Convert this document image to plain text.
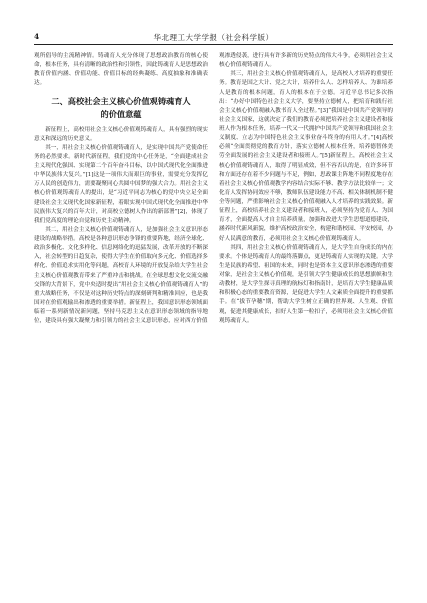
4	华北理工大学学报（社会科学版）

观所倡导的主流精神情。铸魂育人充分体现了思想政治教育的核心使命，根本任务，具有清晰的政治性和引领性，因此铸魂育人是思想政治教育价值内涵、价值功能、价值目标的经典凝练、高度抽象和准确表达。

二、高校社会主义核心价值观铸魂育人
的价值意蕴

新征程上，高校用社会主义核心价值观铸魂育人，具有强烈的现实意义和深远的历史意义。

其一，用社会主义核心价值观铸魂育人，是实现中国共产党使命任务的必然要求。新时代新征程，我们党的中心任务是，“全面建成社会主义现代化强国、实现第二个百年奋斗目标，以中国式现代化全面推进中华民族伟大复兴。”[1]这是一项伟大而艰巨的事业，需要充分发挥亿万人民的创造伟力，需要凝聚同心共圆中国梦的强大合力。用社会主义核心价值观铸魂育人的提出，是“习近平同志为核心的党中央立足全面建设社会主义现代化国家新征程，着眼实现中国式现代化全面推进中华民族伟大复兴的百年大计，对高校立德树人作出的新部署”[2]，体现了我们党高度的理论自觉和历史主动精神。

其二，用社会主义核心价值观铸魂育人，是加强社会主义意识形态建设的战略举措。高校是各种意识形态争锋的重要阵地，经济全球化、政治多极化、文化多样化、信息网络化的迅猛发展，改革开放的不断深入，社会转型的日趋复杂，使得大学生在价值取向多元化、价值选择多样化、价值追求实用化等问题，高校育人环境的开放复杂给大学生社会主义核心价值观教育带来了严重冲击和挑战。在全球思想文化交流交融交锋的大背景下，党中央适时提出“用社会主义核心价值观铸魂育人”的重大战略任务，不仅是对这种历史特点的深刻研判和精准回应，也是我国对在价值观输出和渗透的重要举措。新征程上，我国意识形态领域面临着一系列新情况新问题，坚持马克思主义在意识形态领域的指导地位，建设具有强大凝聚力和引领力的社会主义意识形态，应对西方价值

观渗透侵袭，进行具有许多新的历史特点的伟大斗争，必须用社会主义核心价值观铸魂育人。

其三，用社会主义核心价值观铸魂育人，是高校人才培养的重要任务。教育是国之大计、党之大计，培养什么人、怎样培养人、为谁培养人是教育的根本问题，育人的根本在于立德。习近平总书记多次指出：“办好中国特色社会主义大学，要坚持立德树人，把培育和践行社会主义核心价值观融入教书育人全过程。”[3]“我国是中国共产党领导的社会主义国家，这就决定了我们的教育必须把培养社会主义建设者和接班人作为根本任务，培养一代又一代拥护中国共产党领导和我国社会主义制度、立志为中国特色社会主义事业奋斗终身的有用人才。”[4]高校必须“全面贯彻党的教育方针，落实立德树人根本任务，培养德智体美劳全面发展的社会主义建设者和接班人。”[5]新征程上，高校社会主义核心价值观铸魂育人，取得了明显成效，但不容否认的是，在许多环节和方面还存在着不少问题与不足，例如，思政课主阵地不同程度地存在着社会主义核心价值观教学内容结合实际不够、教学方法比较单一；文化育人发挥协同效应不够，教师队伍建设能力不高、相关体制机制不健全等问题，严重影响社会主义核心价值观融入人才培养的实践效果。新征程上，高校培养社会主义建设者和接班人，必须坚持为党育人、为国育才，全面提高人才自主培养质量，加强和改进大学生思想道德建设，涵养时代新风新貌，维护高校政治安全，构建和谐校园、平安校园，办好人民满意的教育，必须用社会主义核心价值观铸魂育人。

其四，用社会主义核心价值观铸魂育人，是大学生自身成长的内在要求。个体是铸魂育人的最终落脚点，更是铸魂育人实现的关键。大学生是民族的希望、祖国的未来，同时也是资本主义意识形态渗透的重要对象，是社会主义核心价值观，是引领大学生健康成长的思想旗帜和生动教材，是大学生探寻真理的航标灯和指南针，是培育大学生健康品质和积极心态的重要教育资源，是促进大学生人文素质全面提升的重要抓手。在“拔节孕穗”期，帮助大学生树立正确的世界观、人生观、价值观，促进其健康成长，扣好人生第一粒扣子，必须用社会主义核心价值观铸魂育人。
